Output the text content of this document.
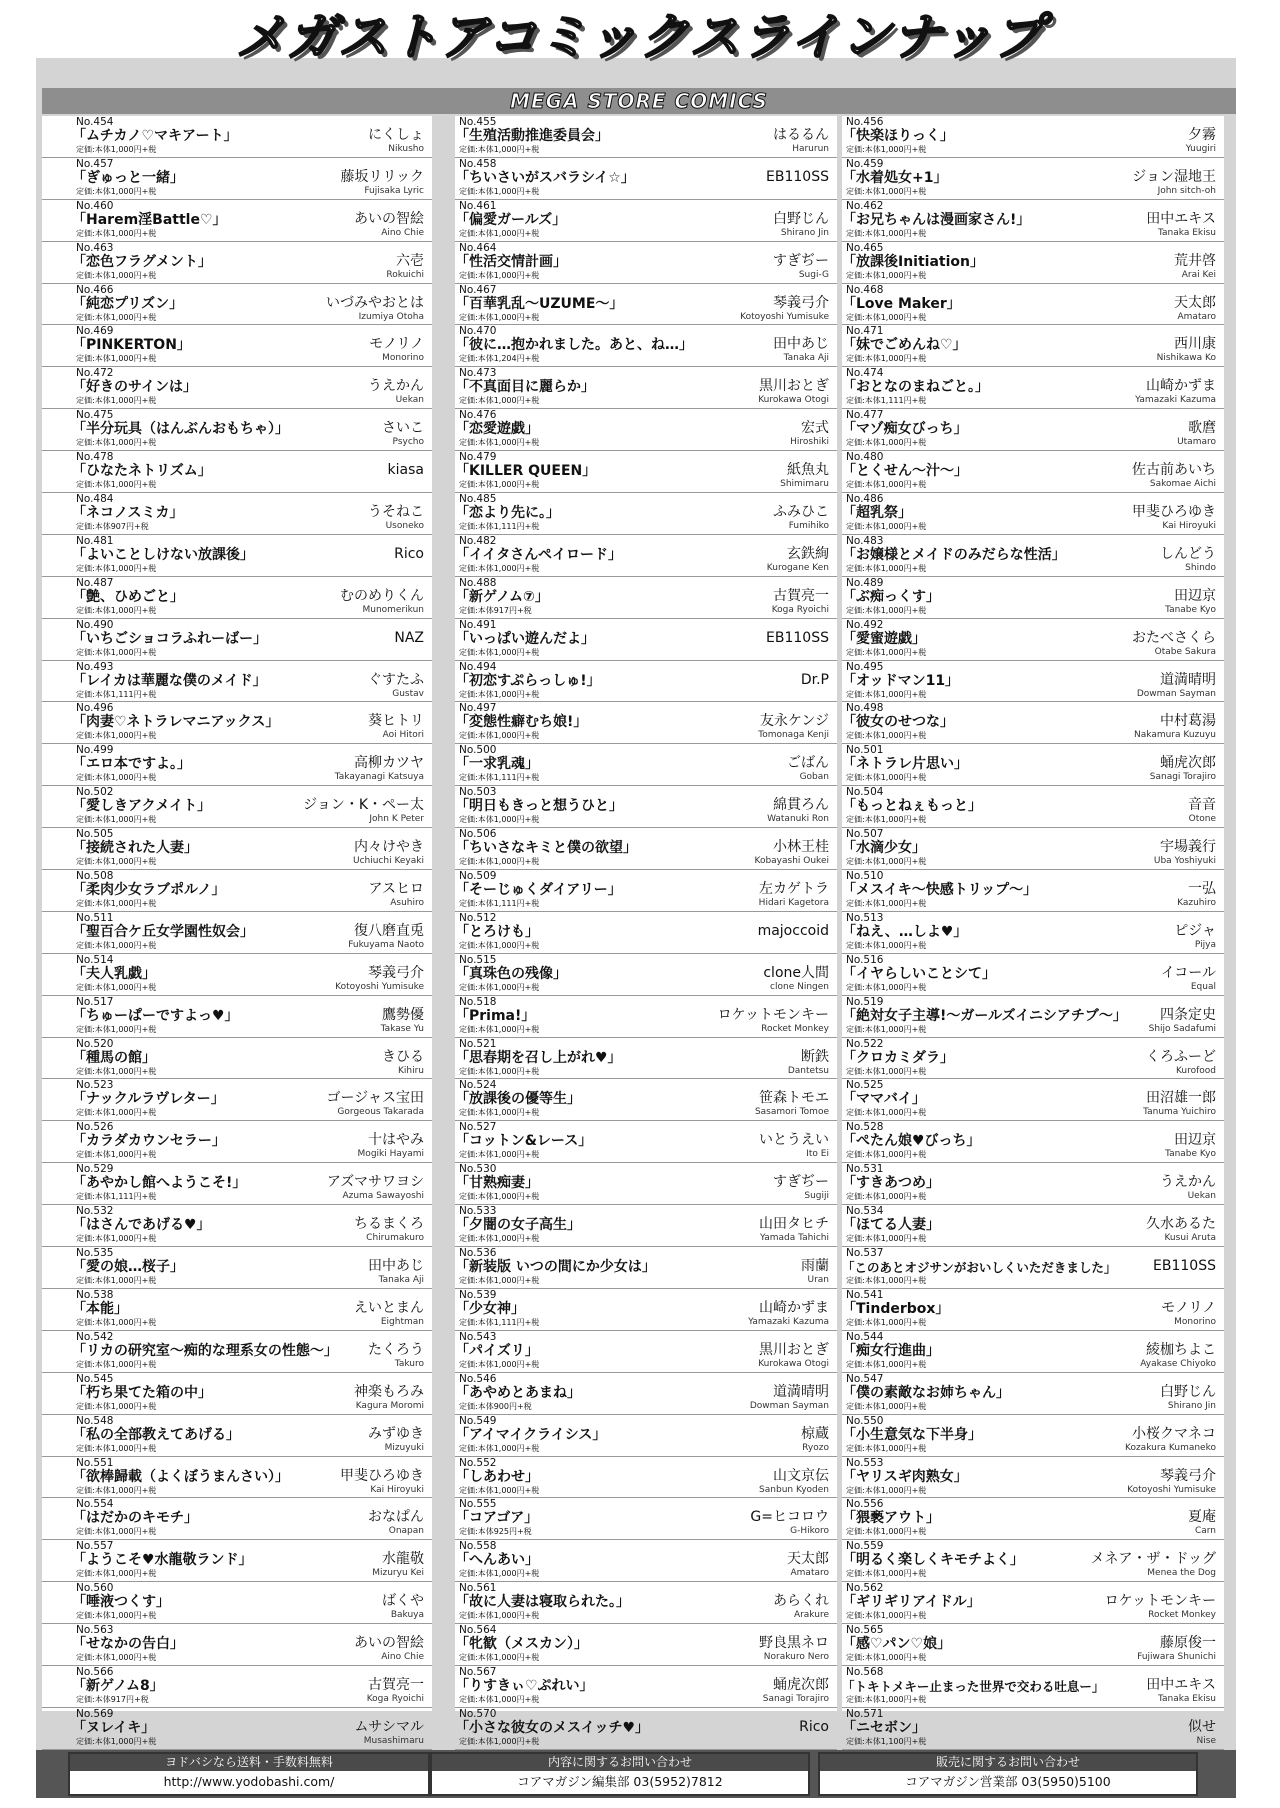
メガストアコミックスラインナップ
MEGA STORE COMICS
No.454
「ムチカノ♡マキアート」
定価:本体1,000円+税
にくしょ
Nikusho
No.457
「ぎゅっと一緒」
定価:本体1,000円+税
藤坂リリック
Fujisaka Lyric
No.460
「Harem淫Battle♡」
定価:本体1,000円+税
あいの智絵
Aino Chie
No.463
「恋色フラグメント」
定価:本体1,000円+税
六壱
Rokuichi
No.466
「純恋プリズン」
定価:本体1,000円+税
いづみやおとは
Izumiya Otoha
No.469
「PINKERTON」
定価:本体1,000円+税
モノリノ
Monorino
No.472
「好きのサインは」
定価:本体1,000円+税
うえかん
Uekan
No.475
「半分玩具（はんぶんおもちゃ）」
定価:本体1,000円+税
さいこ
Psycho
No.478
「ひなたネトリズム」
定価:本体1,000円+税
kiasa
No.484
「ネコノスミカ」
定価:本体907円+税
うそねこ
Usoneko
No.481
「よいことしけない放課後」
定価:本体1,000円+税
Rico
No.487
「艶、ひめごと」
定価:本体1,000円+税
むのめりくん
Munomerikun
No.490
「いちごショコラふれーばー」
定価:本体1,000円+税
NAZ
No.493
「レイカは華麗な僕のメイド」
定価:本体1,111円+税
ぐすたふ
Gustav
No.496
「肉妻♡ネトラレマニアックス」
定価:本体1,000円+税
葵ヒトリ
Aoi Hitori
No.499
「エロ本ですよ。」
定価:本体1,000円+税
高柳カツヤ
Takayanagi Katsuya
No.502
「愛しきアクメイト」
定価:本体1,000円+税
ジョン・K・ペー太
John K Peter
No.505
「接続された人妻」
定価:本体1,000円+税
内々けやき
Uchiuchi Keyaki
No.508
「柔肉少女ラブポルノ」
定価:本体1,000円+税
アスヒロ
Asuhiro
No.511
「聖百合ケ丘女学園性奴会」
定価:本体1,000円+税
復八磨直兎
Fukuyama Naoto
No.514
「夫人乳戯」
定価:本体1,000円+税
琴義弓介
Kotoyoshi Yumisuke
No.517
「ちゅーぱーですよっ♥」
定価:本体1,000円+税
鷹勢優
Takase Yu
No.520
「種馬の館」
定価:本体1,000円+税
きひる
Kihiru
No.523
「ナックルラヴレター」
定価:本体1,000円+税
ゴージャス宝田
Gorgeous Takarada
No.526
「カラダカウンセラー」
定価:本体1,000円+税
十はやみ
Mogiki Hayami
No.529
「あやかし館へようこそ!」
定価:本体1,111円+税
アズマサワヨシ
Azuma Sawayoshi
No.532
「はさんであげる♥」
定価:本体1,000円+税
ちるまくろ
Chirumakuro
No.535
「愛の娘…桜子」
定価:本体1,000円+税
田中あじ
Tanaka Aji
No.538
「本能」
定価:本体1,000円+税
えいとまん
Eightman
No.542
「リカの研究室～痴的な理系女の性態～」
定価:本体1,000円+税
たくろう
Takuro
No.545
「朽ち果てた箱の中」
定価:本体1,000円+税
神楽もろみ
Kagura Moromi
No.548
「私の全部教えてあげる」
定価:本体1,000円+税
みずゆき
Mizuyuki
No.551
「欲棒歸載（よくぼうまんさい）」
定価:本体1,000円+税
甲斐ひろゆき
Kai Hiroyuki
No.554
「はだかのキモチ」
定価:本体1,000円+税
おなぱん
Onapan
No.557
「ようこそ♥水龍敬ランド」
定価:本体1,000円+税
水龍敬
Mizuryu Kei
No.560
「唾液つくす」
定価:本体1,000円+税
ばくや
Bakuya
No.563
「せなかの告白」
定価:本体1,000円+税
あいの智絵
Aino Chie
No.566
「新ゲノム8」
定価:本体917円+税
古賀亮一
Koga Ryoichi
No.569
「ヌレイキ」
定価:本体1,000円+税
ムサシマル
Musashimaru
No.455
「生殖活動推進委員会」
定価:本体1,000円+税
はるるん
Harurun
No.458
「ちいさいがスバラシイ☆」
定価:本体1,000円+税
EB110SS
No.461
「偏愛ガールズ」
定価:本体1,000円+税
白野じん
Shirano Jin
No.464
「性活交情計画」
定価:本体1,000円+税
すぎぢー
Sugi-G
No.467
「百華乳乱～UZUME～」
定価:本体1,000円+税
琴義弓介
Kotoyoshi Yumisuke
No.470
「彼に…抱かれました。あと、ね…」
定価:本体1,204円+税
田中あじ
Tanaka Aji
No.473
「不真面目に麗らか」
定価:本体1,000円+税
黒川おとぎ
Kurokawa Otogi
No.476
「恋愛遊戯」
定価:本体1,000円+税
宏式
Hiroshiki
No.479
「KILLER QUEEN」
定価:本体1,000円+税
紙魚丸
Shimimaru
No.485
「恋より先に。」
定価:本体1,111円+税
ふみひこ
Fumihiko
No.482
「イイタさんペイロード」
定価:本体1,000円+税
玄鉄絢
Kurogane Ken
No.488
「新ゲノム⑦」
定価:本体917円+税
古賀亮一
Koga Ryoichi
No.491
「いっぱい遊んだよ」
定価:本体1,000円+税
EB110SS
No.494
「初恋すぷらっしゅ!」
定価:本体1,000円+税
Dr.P
No.497
「変態性癖むち娘!」
定価:本体1,000円+税
友永ケンジ
Tomonaga Kenji
No.500
「一求乳魂」
定価:本体1,111円+税
ごばん
Goban
No.503
「明日もきっと想うひと」
定価:本体1,000円+税
綿貫ろん
Watanuki Ron
No.506
「ちいさなキミと僕の欲望」
定価:本体1,000円+税
小林王桂
Kobayashi Oukei
No.509
「そーじゅくダイアリー」
定価:本体1,111円+税
左カゲトラ
Hidari Kagetora
No.512
「とろけも」
定価:本体1,000円+税
majoccoid
No.515
「真珠色の残像」
定価:本体1,000円+税
clone人間
clone Ningen
No.518
「Prima!」
定価:本体1,000円+税
ロケットモンキー
Rocket Monkey
No.521
「思春期を召し上がれ♥」
定価:本体1,000円+税
断鉄
Dantetsu
No.524
「放課後の優等生」
定価:本体1,000円+税
笹森トモエ
Sasamori Tomoe
No.527
「コットン&レース」
定価:本体1,000円+税
いとうえい
Ito Ei
No.530
「甘熟痴妻」
定価:本体1,000円+税
すぎぢー
Sugiji
No.533
「夕闇の女子高生」
定価:本体1,000円+税
山田タヒチ
Yamada Tahichi
No.536
「新装版 いつの間にか少女は」
定価:本体1,000円+税
雨蘭
Uran
No.539
「少女神」
定価:本体1,111円+税
山崎かずま
Yamazaki Kazuma
No.543
「パイズリ」
定価:本体1,000円+税
黒川おとぎ
Kurokawa Otogi
No.546
「あやめとあまね」
定価:本体900円+税
道満晴明
Dowman Sayman
No.549
「アイマイクライシス」
定価:本体1,000円+税
椋蔵
Ryozo
No.552
「しあわせ」
定価:本体1,000円+税
山文京伝
Sanbun Kyoden
No.555
「コアゴア」
定価:本体925円+税
G=ヒコロウ
G-Hikoro
No.558
「へんあい」
定価:本体1,000円+税
天太郎
Amataro
No.561
「故に人妻は寝取られた。」
定価:本体1,000円+税
あらくれ
Arakure
No.564
「牝歓（メスカン）」
定価:本体1,000円+税
野良黒ネロ
Norakuro Nero
No.567
「りすきぃ♡ぷれい」
定価:本体1,000円+税
蛹虎次郎
Sanagi Torajiro
No.570
「小さな彼女のメスイッチ♥」
定価:本体1,000円+税
Rico
No.456
「快楽ほりっく」
定価:本体1,000円+税
夕霧
Yuugiri
No.459
「水着処女+1」
定価:本体1,000円+税
ジョン湿地王
John sitch-oh
No.462
「お兄ちゃんは漫画家さん!」
定価:本体1,000円+税
田中エキス
Tanaka Ekisu
No.465
「放課後Initiation」
定価:本体1,000円+税
荒井啓
Arai Kei
No.468
「Love Maker」
定価:本体1,000円+税
天太郎
Amataro
No.471
「妹でごめんね♡」
定価:本体1,000円+税
西川康
Nishikawa Ko
No.474
「おとなのまねごと。」
定価:本体1,111円+税
山崎かずま
Yamazaki Kazuma
No.477
「マゾ痴女びっち」
定価:本体1,000円+税
歌麿
Utamaro
No.480
「とくせん～汁～」
定価:本体1,000円+税
佐古前あいち
Sakomae Aichi
No.486
「超乳祭」
定価:本体1,000円+税
甲斐ひろゆき
Kai Hiroyuki
No.483
「お嬢様とメイドのみだらな性活」
定価:本体1,000円+税
しんどう
Shindo
No.489
「ぶ痴っくす」
定価:本体1,000円+税
田辺京
Tanabe Kyo
No.492
「愛蜜遊戯」
定価:本体1,000円+税
おたべさくら
Otabe Sakura
No.495
「オッドマン11」
定価:本体1,000円+税
道満晴明
Dowman Sayman
No.498
「彼女のせつな」
定価:本体1,000円+税
中村葛湯
Nakamura Kuzuyu
No.501
「ネトラレ片思い」
定価:本体1,000円+税
蛹虎次郎
Sanagi Torajiro
No.504
「もっとねぇもっと」
定価:本体1,000円+税
音音
Otone
No.507
「水滴少女」
定価:本体1,000円+税
宇場義行
Uba Yoshiyuki
No.510
「メスイキ～快感トリップ～」
定価:本体1,000円+税
一弘
Kazuhiro
No.513
「ねえ、…しよ♥」
定価:本体1,000円+税
ピジャ
Pijya
No.516
「イヤらしいことシて」
定価:本体1,000円+税
イコール
Equal
No.519
「絶対女子主導!～ガールズイニシアチブ～」
定価:本体1,000円+税
四条定史
Shijo Sadafumi
No.522
「クロカミダラ」
定価:本体1,000円+税
くろふーど
Kurofood
No.525
「ママバイ」
定価:本体1,000円+税
田沼雄一郎
Tanuma Yuichiro
No.528
「ぺたん娘♥びっち」
定価:本体1,000円+税
田辺京
Tanabe Kyo
No.531
「すきあつめ」
定価:本体1,000円+税
うえかん
Uekan
No.534
「ほてる人妻」
定価:本体1,000円+税
久水あるた
Kusui Aruta
No.537
「このあとオジサンがおいしくいただきました」
定価:本体1,000円+税
EB110SS
No.541
「Tinderbox」
定価:本体1,000円+税
モノリノ
Monorino
No.544
「痴女行進曲」
定価:本体1,000円+税
綾枷ちよこ
Ayakase Chiyoko
No.547
「僕の素敵なお姉ちゃん」
定価:本体1,000円+税
白野じん
Shirano Jin
No.550
「小生意気な下半身」
定価:本体1,000円+税
小桜クマネコ
Kozakura Kumaneko
No.553
「ヤリスギ肉熟女」
定価:本体1,000円+税
琴義弓介
Kotoyoshi Yumisuke
No.556
「猥褻アウト」
定価:本体1,000円+税
夏庵
Carn
No.559
「明るく楽しくキモチよく」
定価:本体1,000円+税
メネア・ザ・ドッグ
Menea the Dog
No.562
「ギリギリアイドル」
定価:本体1,000円+税
ロケットモンキー
Rocket Monkey
No.565
「感♡パン♡娘」
定価:本体1,000円+税
藤原俊一
Fujiwara Shunichi
No.568
「トキトメキー止まった世界で交わる吐息ー」
定価:本体1,000円+税
田中エキス
Tanaka Ekisu
No.571
「ニセボン」
定価:本体1,100円+税
似せ
Nise
ヨドバシなら送料・手数料無料
http://www.yodobashi.com/
内容に関するお問い合わせ
コアマガジン編集部 03(5952)7812
販売に関するお問い合わせ
コアマガジン営業部 03(5950)5100
